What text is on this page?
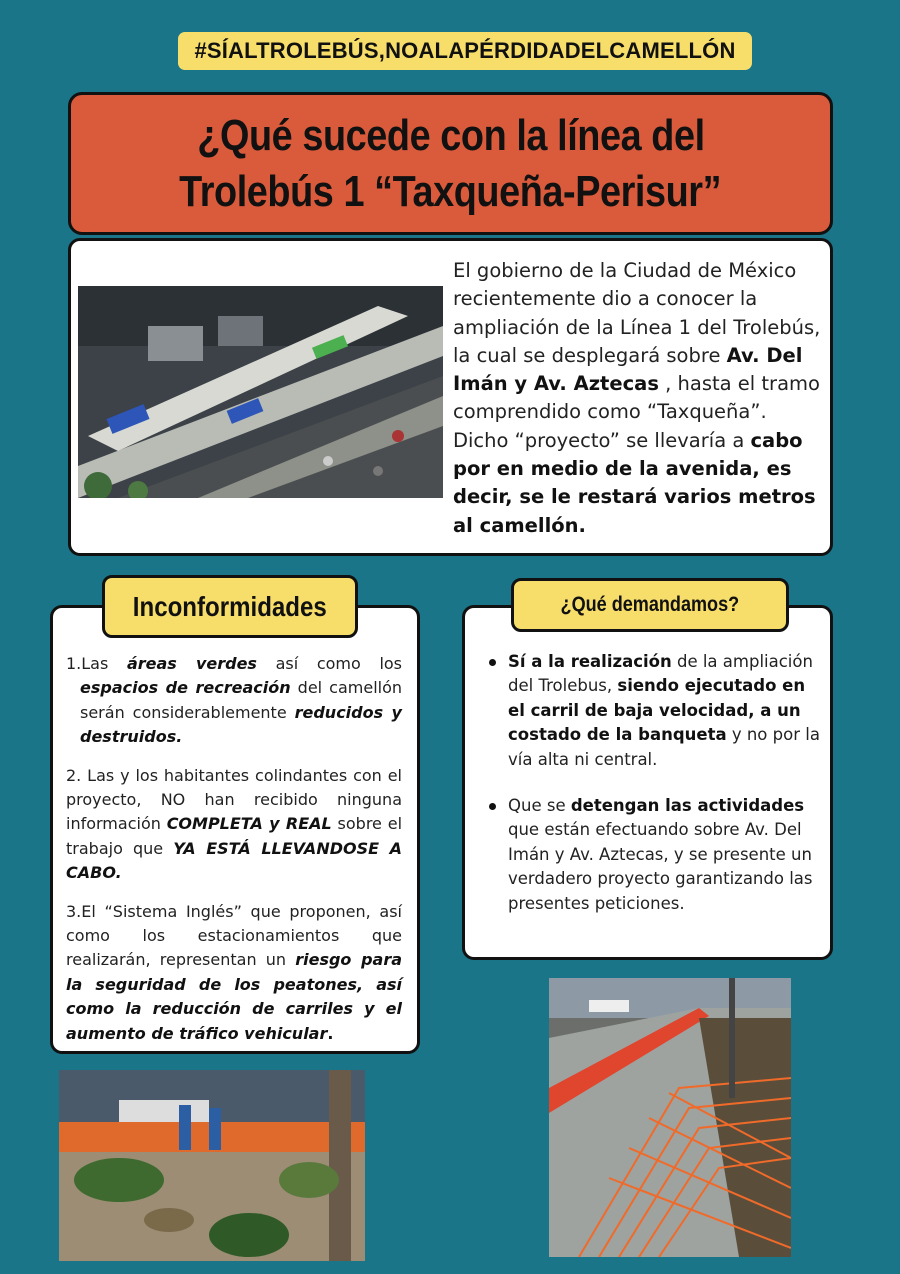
#SÍALTROLEBÚS,NOALAPÉRDIDADELCAMELLÓN
¿Qué sucede con la línea del
Trolebús 1 “Taxqueña-Perisur”
El gobierno de la Ciudad de México recientemente dio a conocer la ampliación de la Línea 1 del Trolebús, la cual se desplegará sobre Av. Del Imán y Av. Aztecas , hasta el tramo comprendido como “Taxqueña”. Dicho “proyecto” se llevaría a cabo por en medio de la avenida, es decir, se le restará varios metros al camellón.
Inconformidades

1.Las áreas verdes así como los espacios de recreación del camellón serán considerablemente reducidos y destruidos.

2. Las y los habitantes colindantes con el proyecto, NO han recibido ninguna información COMPLETA y REAL sobre el trabajo que YA ESTÁ LLEVANDOSE A CABO.

3.El “Sistema Inglés” que proponen, así como los estacionamientos que realizarán, representan un riesgo para la seguridad de los peatones, así como la reducción de carriles y el aumento de tráfico vehicular.

¿Qué demandamos?
Sí a la realización de la ampliación del Trolebus, siendo ejecutado en el carril de baja velocidad, a un costado de la banqueta y no por la vía alta ni central.
Que se detengan las actividades que están efectuando sobre Av. Del Imán y Av. Aztecas, y se presente un verdadero proyecto garantizando las presentes peticiones.
